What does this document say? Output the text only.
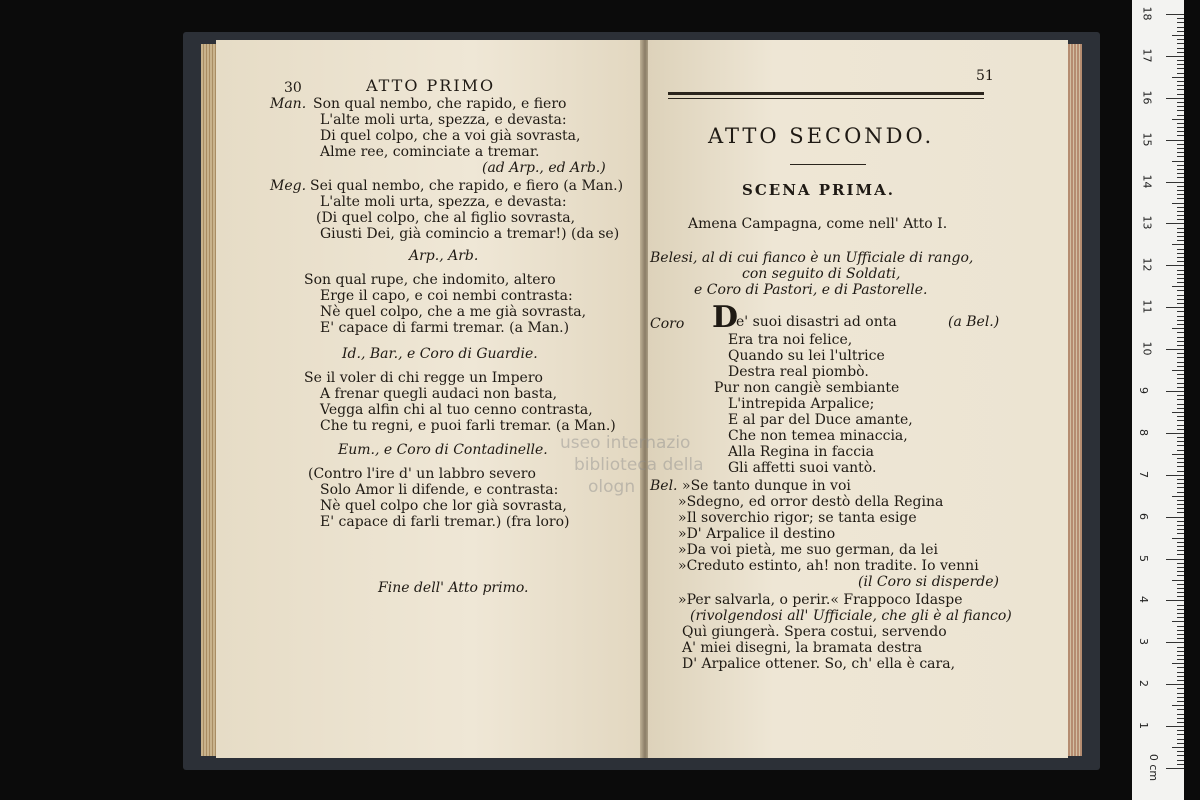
30	ATTO PRIMO
Man. Son qual nembo, che rapido, e fiero
L'alte moli urta, spezza, e devasta:
Di quel colpo, che a voi già sovrasta,
Alme ree, cominciate a tremar.
(ad Arp., ed Arb.)
Meg. Sei qual nembo, che rapido, e fiero (a Man.)
L'alte moli urta, spezza, e devasta:
(Di quel colpo, che al figlio sovrasta,
Giusti Dei, già comincio a tremar!) (da se)
Arp., Arb.
Son qual rupe, che indomito, altero
Erge il capo, e coi nembi contrasta:
Nè quel colpo, che a me già sovrasta,
E' capace di farmi tremar. (a Man.)
Id., Bar., e Coro di Guardie.
Se il voler di chi regge un Impero
A frenar quegli audaci non basta,
Vegga alfin chi al tuo cenno contrasta,
Che tu regni, e puoi farli tremar. (a Man.)
Eum., e Coro di Contadinelle.
(Contro l'ire d' un labbro severo
Solo Amor li difende, e contrasta:
Nè quel colpo che lor già sovrasta,
E' capace di farli tremar.) (fra loro)
Fine dell' Atto primo.
51
ATTO SECONDO.
SCENA PRIMA.
Amena Campagna, come nell' Atto I.
Belesi, al di cui fianco è un Ufficiale di rango,
con seguito di Soldati,
e Coro di Pastori, e di Pastorelle.
Coro D
e' suoi disastri ad onta	(a Bel.)
Era tra noi felice,
Quando su lei l'ultrice
Destra real piombò.
Pur non cangiè sembiante
L'intrepida Arpalice;
E al par del Duce amante,
Che non temea minaccia,
Alla Regina in faccia
Gli affetti suoi vantò.
Bel. »Se tanto dunque in voi
»Sdegno, ed orror destò della Regina
»Il soverchio rigor; se tanta esige
»D' Arpalice il destino
»Da voi pietà, me suo german, da lei
»Creduto estinto, ah! non tradite. Io venni
(il Coro si disperde)
»Per salvarla, o perir.« Frappoco Idaspe
(rivolgendosi all' Ufficiale, che gli è al fianco)
Quì giungerà. Spera costui, servendo
A' miei disegni, la bramata destra
D' Arpalice ottener. So, ch' ella è cara,
useo internazio
biblioteca della
ologn
0 cm
1
2
3
4
5
6
7
8
9
10
11
12
13
14
15
16
17
18
